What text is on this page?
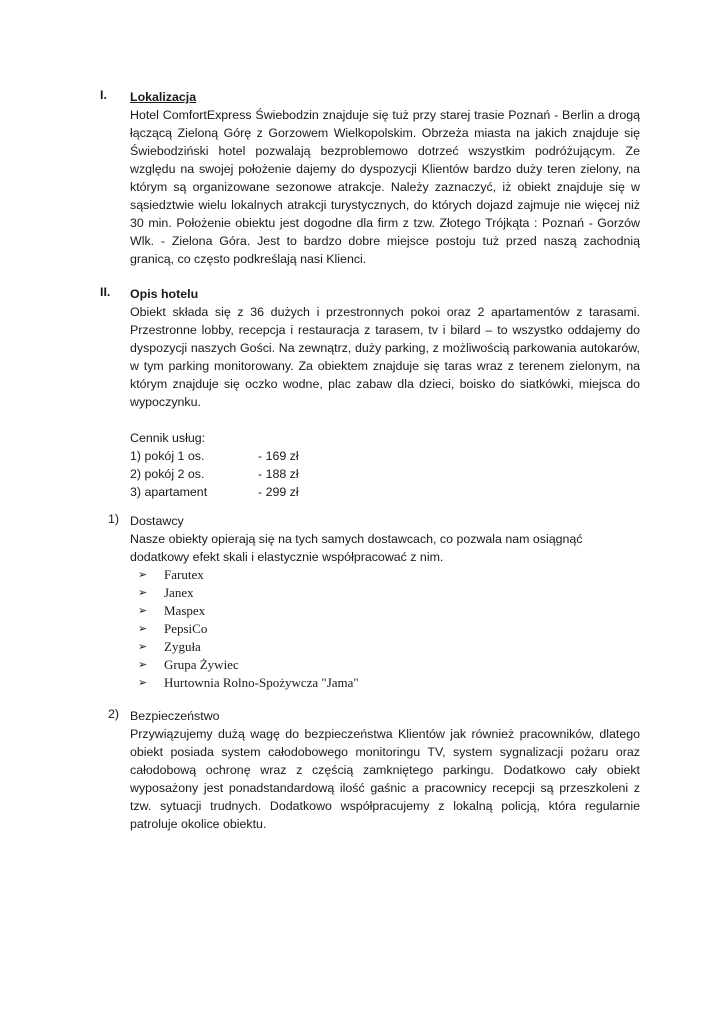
I. Lokalizacja

Hotel ComfortExpress Świebodzin znajduje się tuż przy starej trasie Poznań - Berlin a drogą łączącą Zieloną Górę z Gorzowem Wielkopolskim. Obrzeża miasta na jakich znajduje się Świebodziński hotel pozwalają bezproblemowo dotrzeć wszystkim podróżującym. Ze względu na swojej położenie dajemy do dyspozycji Klientów bardzo duży teren zielony, na którym są organizowane sezonowe atrakcje. Należy zaznaczyć, iż obiekt znajduje się w sąsiedztwie wielu lokalnych atrakcji turystycznych, do których dojazd zajmuje nie więcej niż 30 min. Położenie obiektu jest dogodne dla firm z tzw. Złotego Trójkąta : Poznań - Gorzów Wlk. - Zielona Góra. Jest to bardzo dobre miejsce postoju tuż przed naszą zachodnią granicą, co często podkreślają nasi Klienci.

II. Opis hotelu

Obiekt składa się z 36 dużych i przestronnych pokoi oraz 2 apartamentów z tarasami. Przestronne lobby, recepcja i restauracja z tarasem, tv i bilard – to wszystko oddajemy do dyspozycji naszych Gości. Na zewnątrz, duży parking, z możliwością parkowania autokarów, w tym parking monitorowany. Za obiektem znajduje się taras wraz z terenem zielonym, na którym znajduje się oczko wodne, plac zabaw dla dzieci, boisko do siatkówki, miejsca do wypoczynku.

Cennik usług:

1) pokój 1 os.	- 169 zł
2) pokój 2 os.	- 188 zł
3) apartament	- 299 zł
1) Dostawcy

Nasze obiekty opierają się na tych samych dostawcach, co pozwala nam osiągnąć dodatkowy efekt skali i elastycznie współpracować z nim.

➢ Farutex
➢ Janex
➢ Maspex
➢ PepsiCo
➢ Zyguła
➢ Grupa Żywiec
➢ Hurtownia Rolno-Spożywcza "Jama"
2) Bezpieczeństwo

Przywiązujemy dużą wagę do bezpieczeństwa Klientów jak również pracowników, dlatego obiekt posiada system całodobowego monitoringu TV, system sygnalizacji pożaru oraz całodobową ochronę wraz z częścią zamkniętego parkingu. Dodatkowo cały obiekt wyposażony jest ponadstandardową ilość gaśnic a pracownicy recepcji są przeszkoleni z tzw. sytuacji trudnych. Dodatkowo współpracujemy z lokalną policją, która regularnie patroluje okolice obiektu.
